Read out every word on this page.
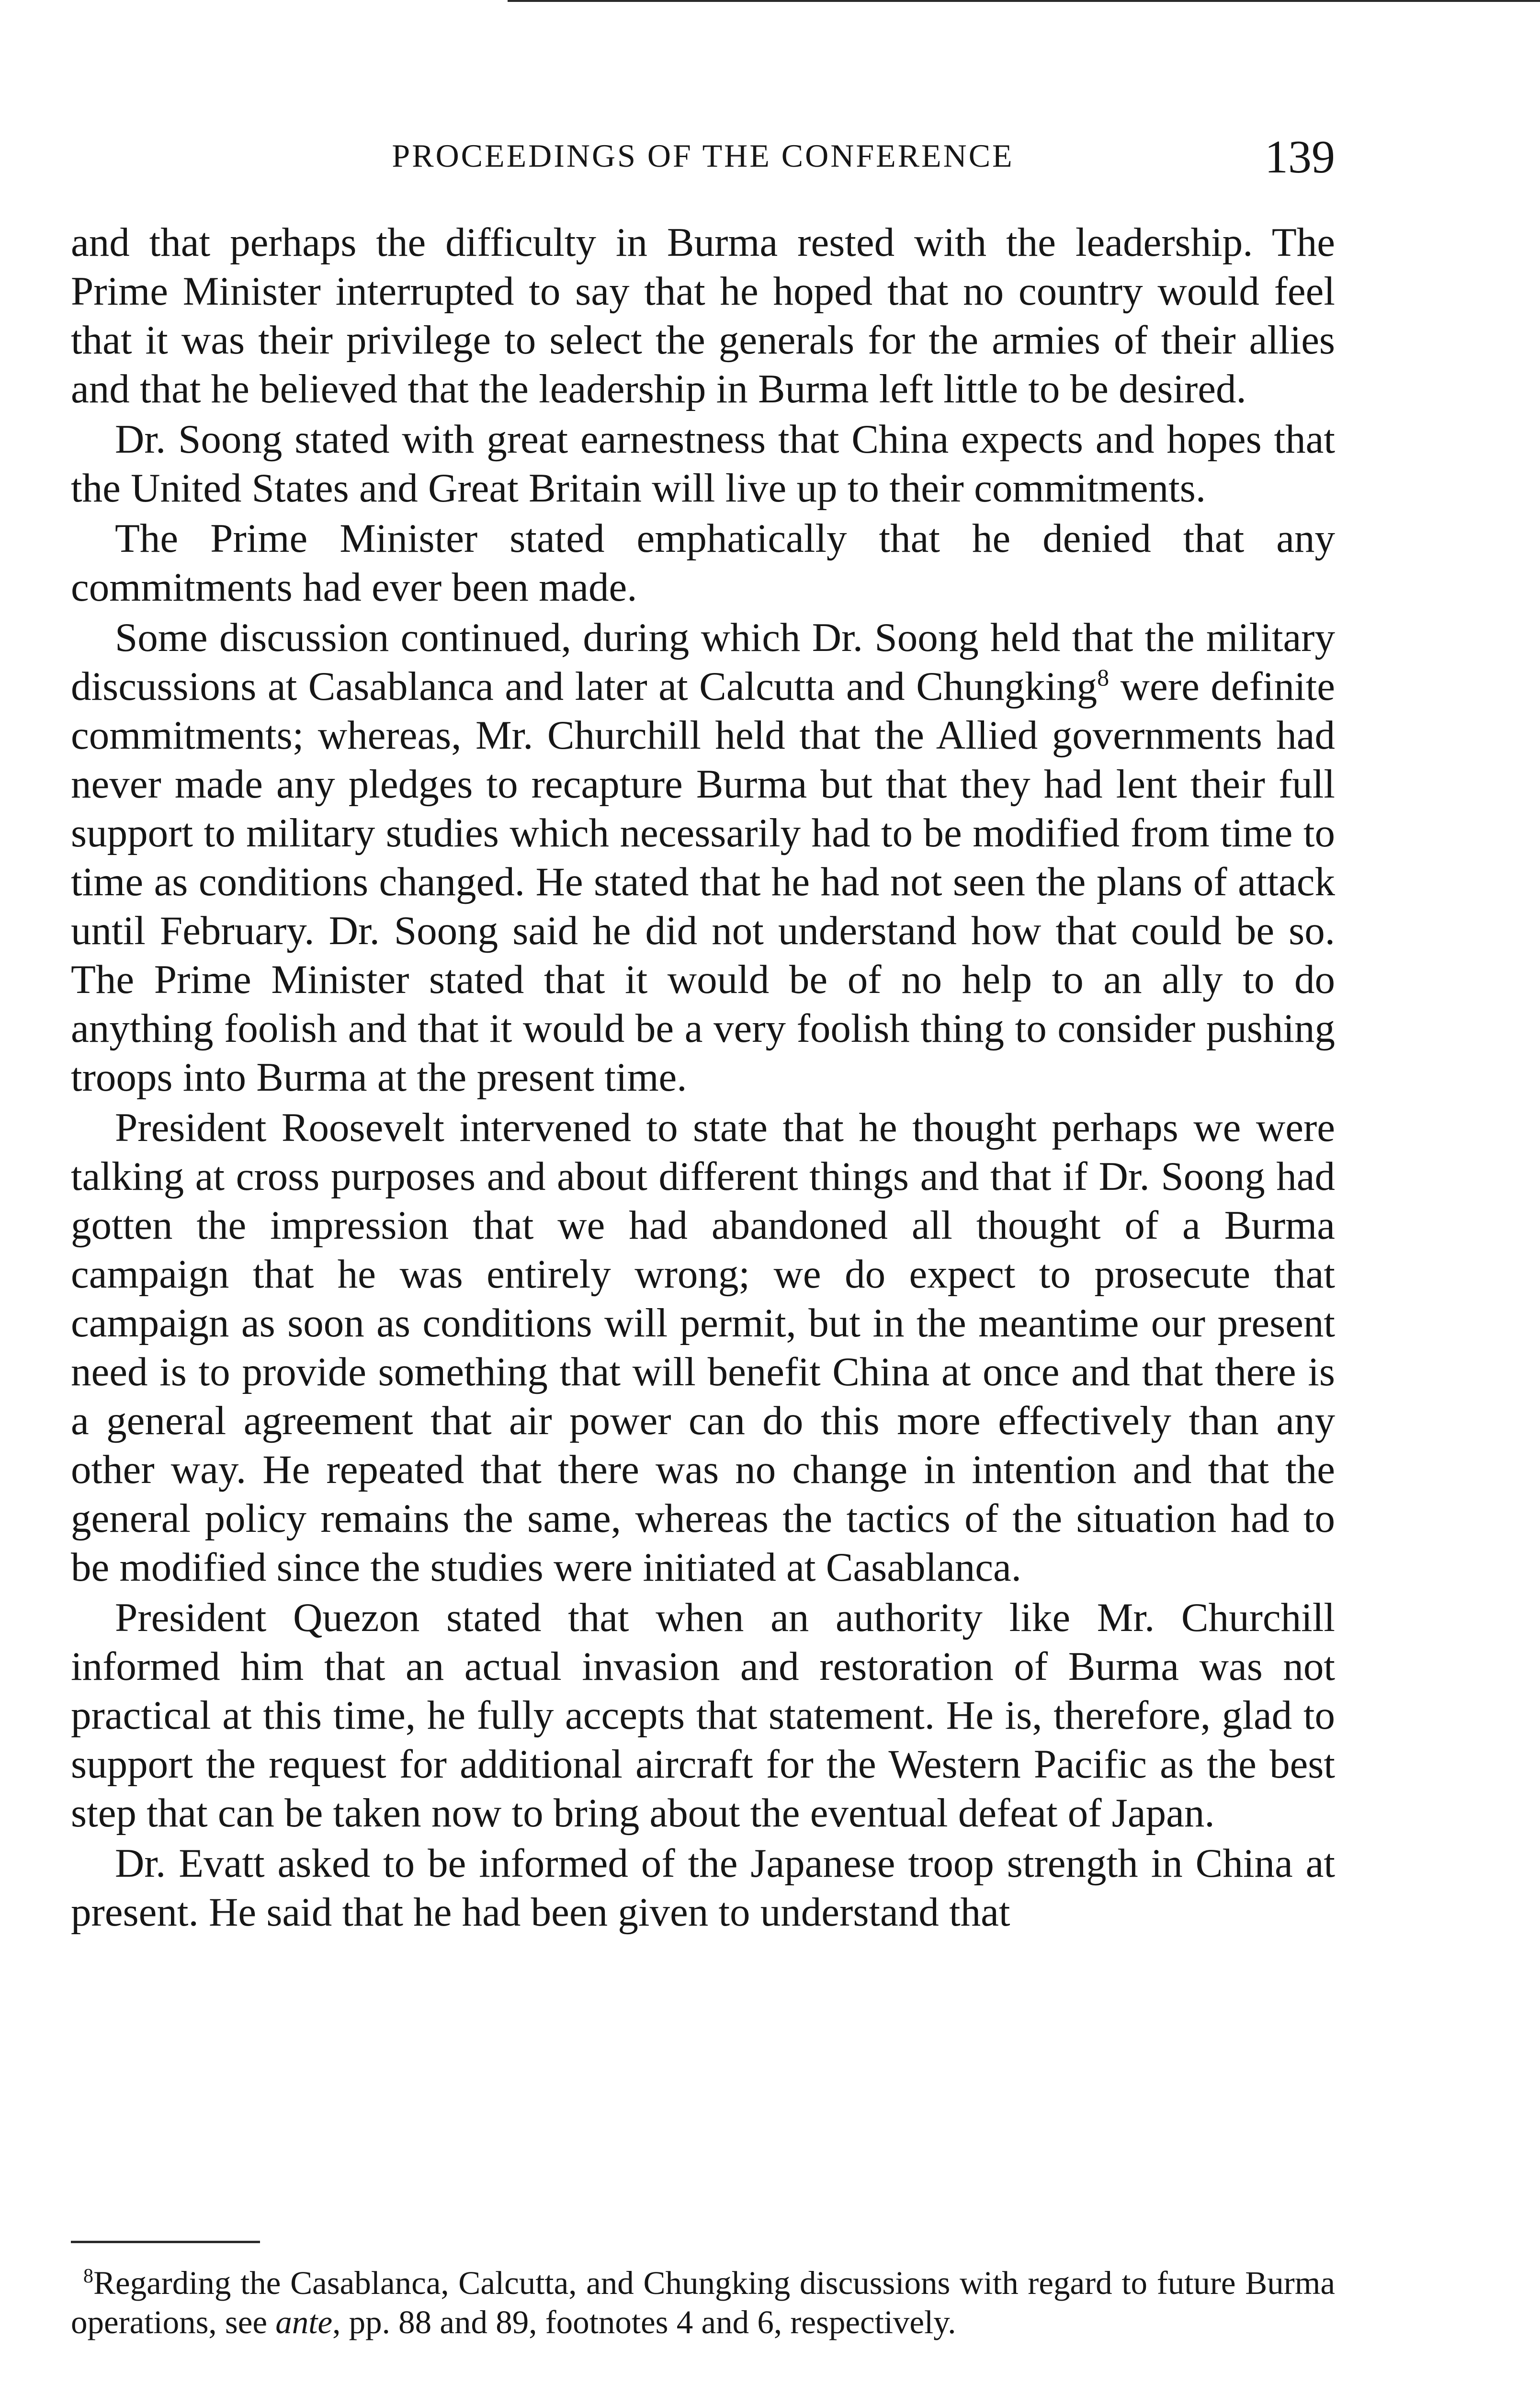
PROCEEDINGS OF THE CONFERENCE	139

and that perhaps the difficulty in Burma rested with the leadership. The Prime Minister interrupted to say that he hoped that no country would feel that it was their privilege to select the generals for the armies of their allies and that he believed that the leadership in Burma left little to be desired.

Dr. Soong stated with great earnestness that China expects and hopes that the United States and Great Britain will live up to their commitments.

The Prime Minister stated emphatically that he denied that any commitments had ever been made.

Some discussion continued, during which Dr. Soong held that the military discussions at Casablanca and later at Calcutta and Chungking$^8$ were definite commitments; whereas, Mr. Churchill held that the Allied governments had never made any pledges to recapture Burma but that they had lent their full support to military studies which necessarily had to be modified from time to time as conditions changed. He stated that he had not seen the plans of attack until February. Dr. Soong said he did not understand how that could be so. The Prime Minister stated that it would be of no help to an ally to do anything foolish and that it would be a very foolish thing to consider pushing troops into Burma at the present time.

President Roosevelt intervened to state that he thought perhaps we were talking at cross purposes and about different things and that if Dr. Soong had gotten the impression that we had abandoned all thought of a Burma campaign that he was entirely wrong; we do expect to prosecute that campaign as soon as conditions will permit, but in the meantime our present need is to provide something that will benefit China at once and that there is a general agreement that air power can do this more effectively than any other way. He repeated that there was no change in intention and that the general policy remains the same, whereas the tactics of the situation had to be modified since the studies were initiated at Casablanca.

President Quezon stated that when an authority like Mr. Churchill informed him that an actual invasion and restoration of Burma was not practical at this time, he fully accepts that statement. He is, therefore, glad to support the request for additional aircraft for the Western Pacific as the best step that can be taken now to bring about the eventual defeat of Japan.

Dr. Evatt asked to be informed of the Japanese troop strength in China at present. He said that he had been given to understand that

$^8$Regarding the Casablanca, Calcutta, and Chungking discussions with regard to future Burma operations, see ante, pp. 88 and 89, footnotes 4 and 6, respectively.
